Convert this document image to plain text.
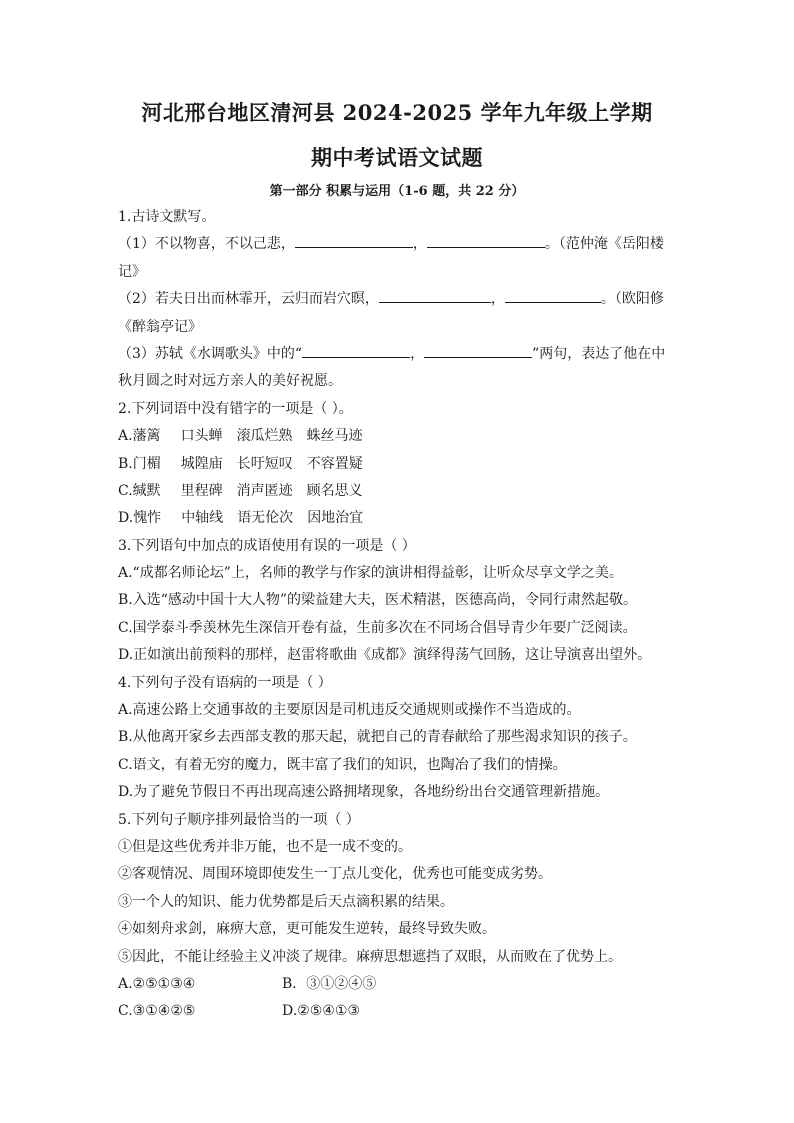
河北邢台地区清河县 2024-2025 学年九年级上学期
期中考试语文试题
第一部分 积累与运用（1-6 题，共 22 分）
1.古诗文默写。
（1）不以物喜，不以己悲，	，	。（范仲淹《岳阳楼
记》
（2）若夫日出而林霏开，云归而岩穴暝，	，	。（欧阳修
《醉翁亭记》
（3）苏轼《水调歌头》中的“	，	”两句，表达了他在中
秋月圆之时对远方亲人的美好祝愿。
2.下列词语中没有错字的一项是（ ）。
A.藩篱 口头蝉 滚瓜烂熟 蛛丝马迹
B.门楣 城隍庙 长吁短叹 不容置疑
C.缄默 里程碑 消声匿迹 顾名思义
D.愧怍 中轴线 语无伦次 因地治宜
3.下列语句中加点的成语使用有误的一项是（ ）
A.“成都名师论坛”上，名师的教学与作家的演讲相得益彰，让听众尽享文学之美。
B.入选“感动中国十大人物”的梁益建大夫，医术精湛，医德高尚，令同行肃然起敬。
C.国学泰斗季羡林先生深信开卷有益，生前多次在不同场合倡导青少年要广泛阅读。
D.正如演出前预料的那样，赵雷将歌曲《成都》演绎得荡气回肠，这让导演喜出望外。
4.下列句子没有语病的一项是（ ）
A.高速公路上交通事故的主要原因是司机违反交通规则或操作不当造成的。
B.从他离开家乡去西部支教的那天起，就把自己的青春献给了那些渴求知识的孩子。
C.语文，有着无穷的魔力，既丰富了我们的知识，也陶冶了我们的情操。
D.为了避免节假日不再出现高速公路拥堵现象，各地纷纷出台交通管理新措施。
5.下列句子顺序排列最恰当的一项（ ）
①但是这些优秀并非万能，也不是一成不变的。
②客观情况、周围环境即使发生一丁点儿变化，优秀也可能变成劣势。
③一个人的知识、能力优势都是后天点滴积累的结果。
④如刻舟求剑，麻痹大意，更可能发生逆转，最终导致失败。
⑤因此，不能让经验主义冲淡了规律。麻痹思想遮挡了双眼，从而败在了优势上。
A.②⑤①③④	B．③①②④⑤
C.③①④②⑤	D.②⑤④①③
